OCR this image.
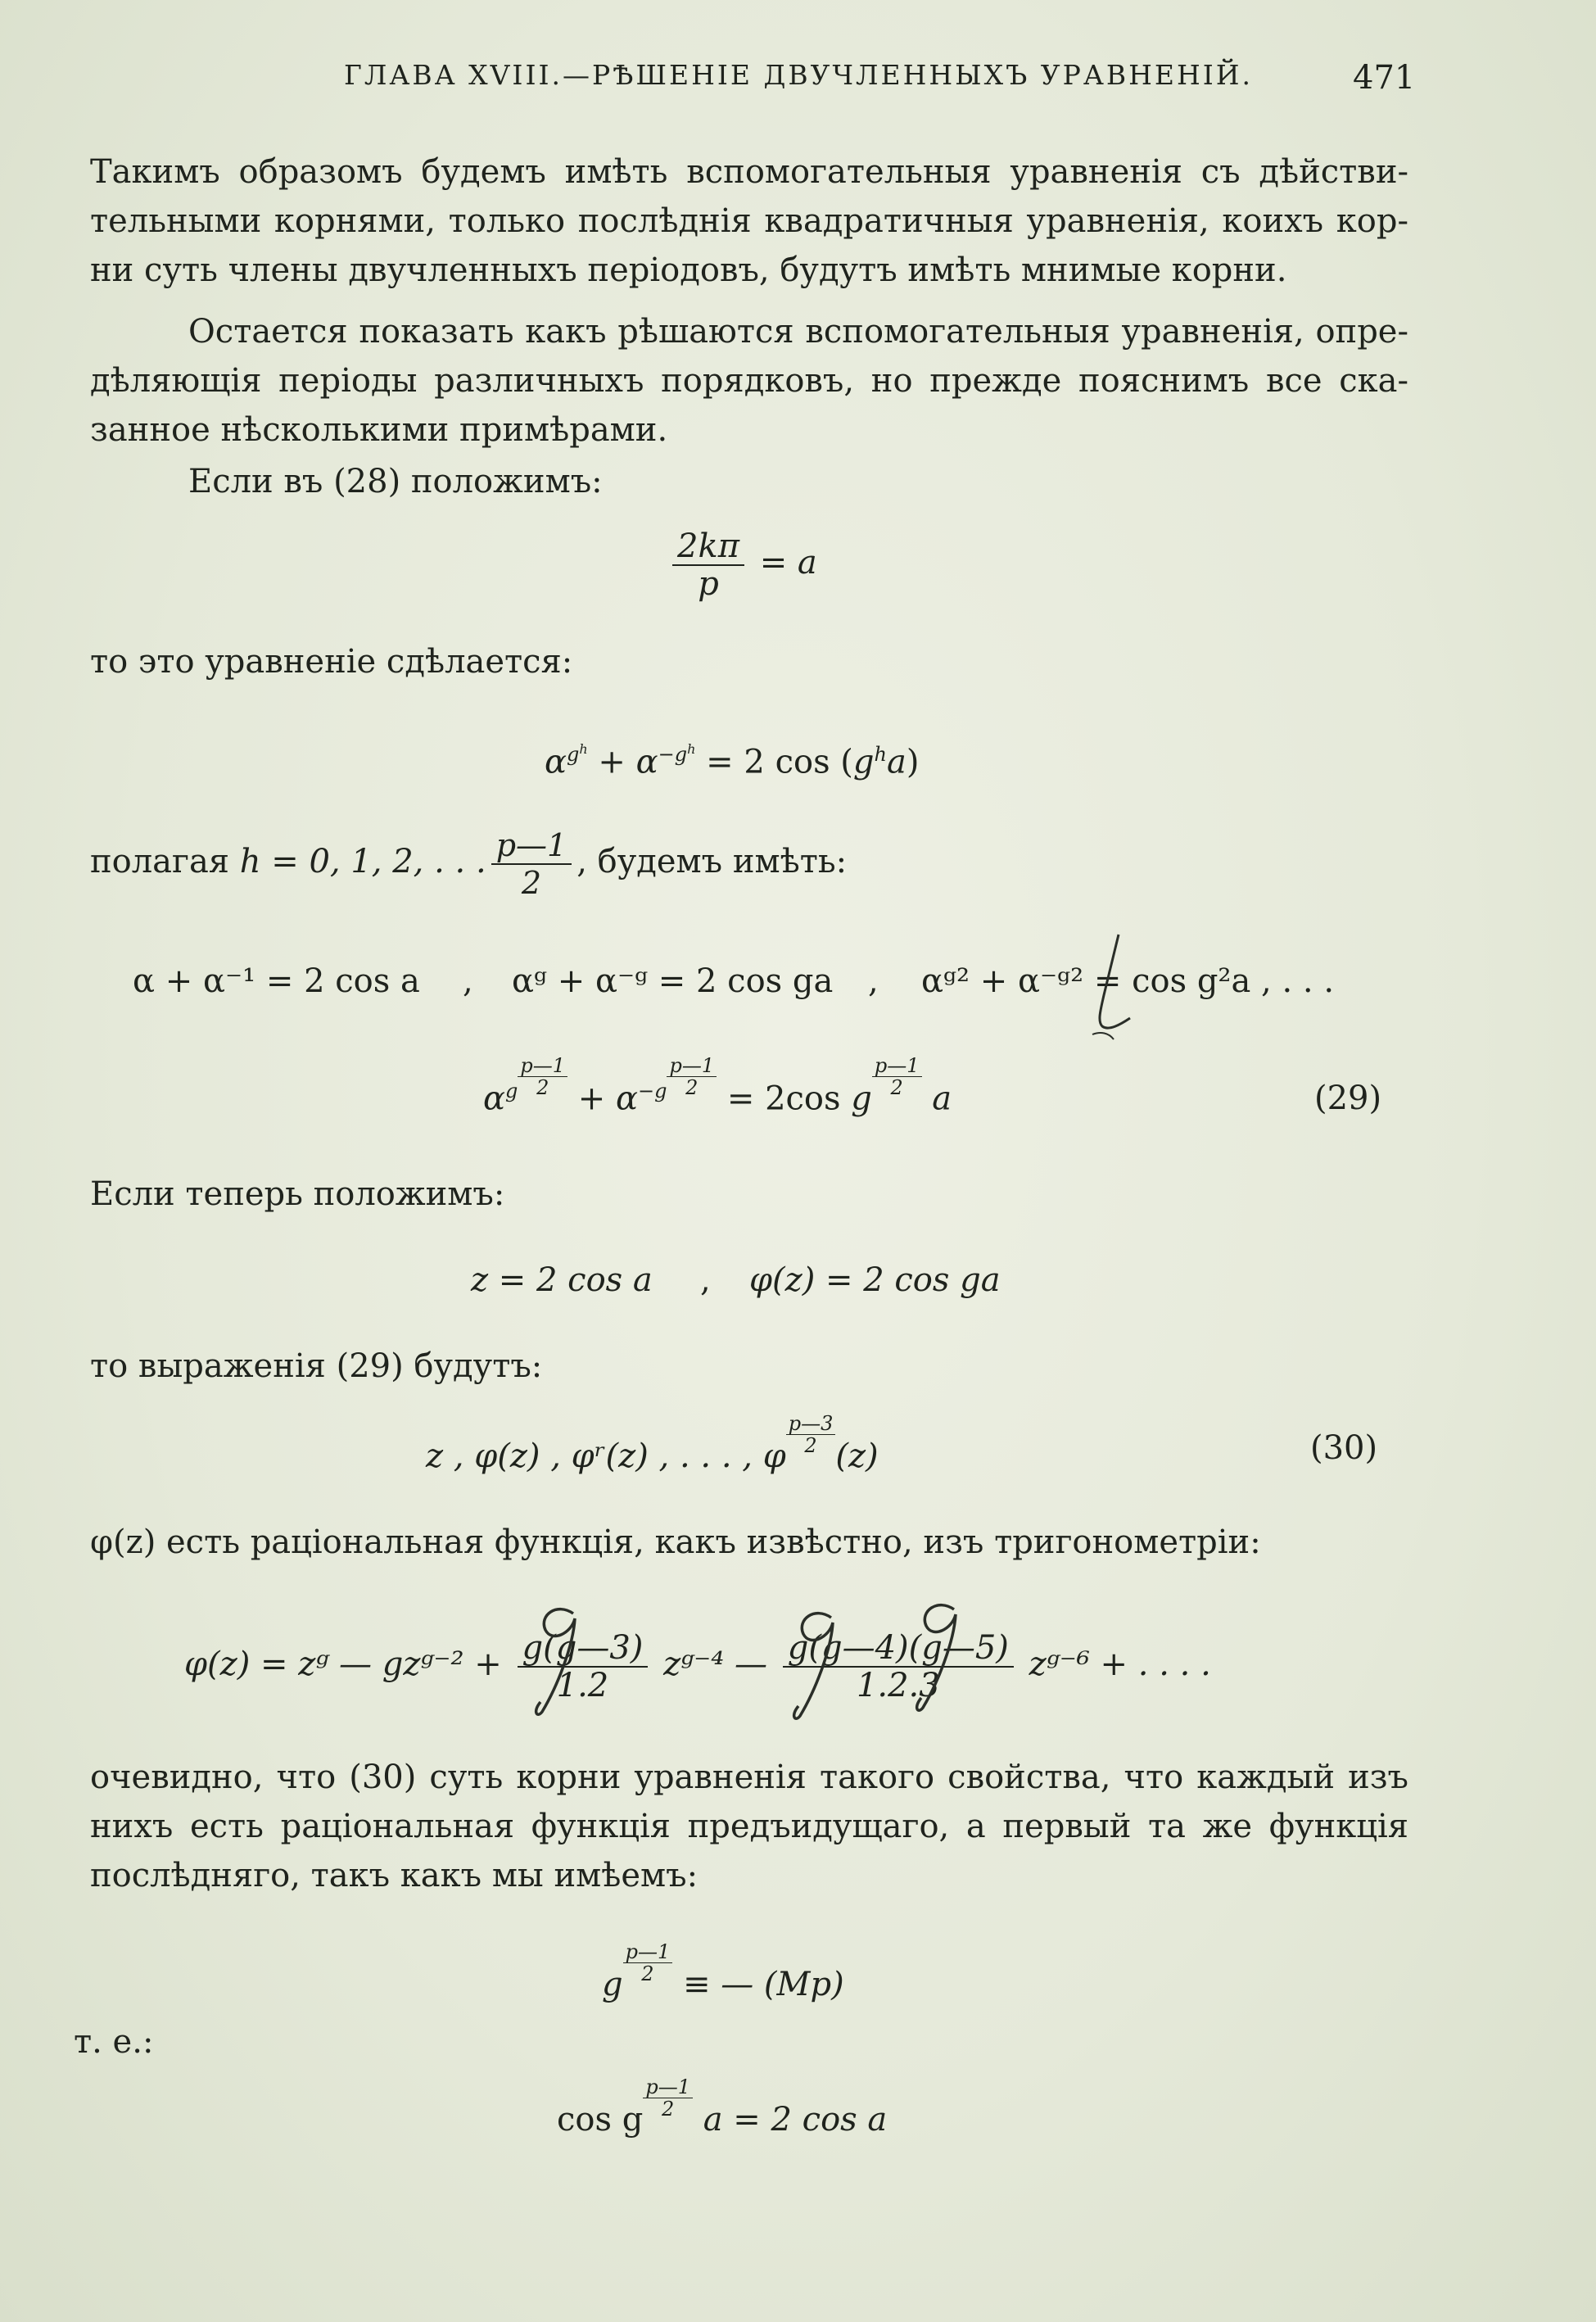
ГЛАВА XVIII.—РѢШЕНІЕ ДВУЧЛЕННЫХЪ УРАВНЕНІЙ.	471
Такимъ образомъ будемъ имѣть вспомогательныя уравненія съ дѣйстви-
тельными корнями, только послѣднія квадратичныя уравненія, коихъ кор-
ни суть члены двучленныхъ періодовъ, будутъ имѣть мнимые корни.
Остается показать какъ рѣшаются вспомогательныя уравненія, опре-
дѣляющія періоды различныхъ порядковъ, но прежде пояснимъ все ска-
занное нѣсколькими примѣрами.
Если въ (28) положимъ:
$\frac{2k\pi}{p} = a$
то это уравненіе сдѣлается:
$\alpha^{g^h} + \alpha^{-g^h} = 2$ $\cos (g^ha)$
полагая h = 0, 1, 2, . . . $\frac{p—1}{2}$ , будемъ имѣть:
α + α⁻¹ = 2 cos a , αᵍ + α⁻ᵍ = 2 cos ga , αᵍ² + α⁻ᵍ² = cos g²a , . . .
$\alpha^g \frac{p—1}{2} + \alpha^{-g} \frac{p—1}{2} = 2\cos$ g
$\frac{p—1}{2}$ a	(29)
Если теперь положимъ:
z = 2 cos a , φ(z) = 2 cos ga
то выраженія (29) будутъ:
z , φ(z) , φʳ(z) , . . . , φ $\frac{p—3}{2}(z)$	(30)
φ(z) есть раціональная функція, какъ извѣстно, изъ тригонометріи:
φ(z) = zᵍ — gzᵍ⁻² + $\frac{g(g—3)}{1.2}$ zᵍ⁻⁴ — $\frac{g(g—4)(g—5)}{1.2.3}$ zᵍ⁻⁶ + . . . .
очевидно, что (30) суть корни уравненія такого свойства, что каждый изъ
нихъ есть раціональная функція предъидущаго, а первый та же функція
послѣдняго, такъ какъ мы имѣемъ:
g $\frac{p—1}{2}$ ≡ — (Mp)
т. е.:
cos g $\frac{p—1}{2}$ a = 2 cos a
